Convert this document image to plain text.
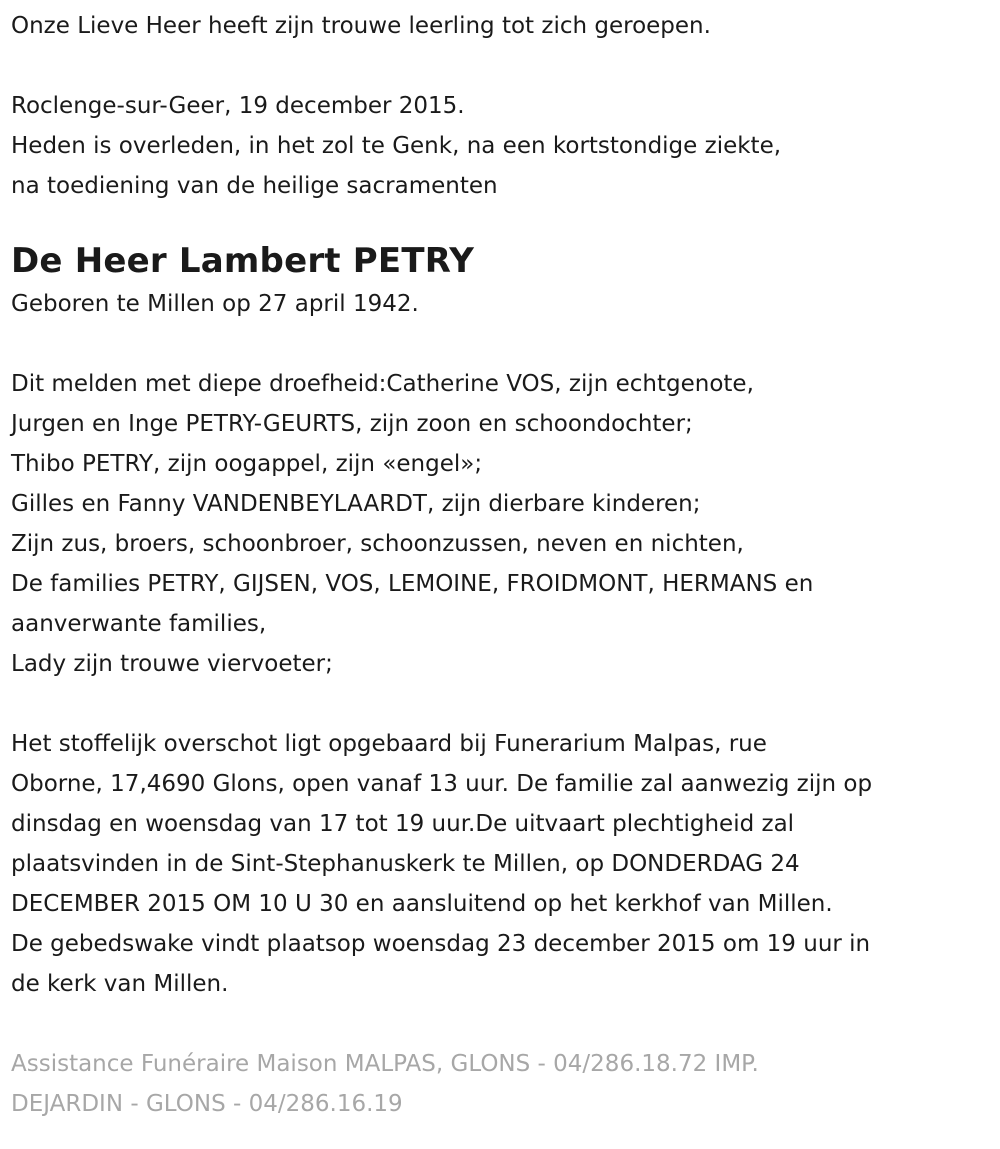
Onze Lieve Heer heeft zijn trouwe leerling tot zich geroepen.
Roclenge-sur-Geer, 19 december 2015.
Heden is overleden, in het zol te Genk, na een kortstondige ziekte,
na toediening van de heilige sacramenten
De Heer Lambert PETRY
Geboren te Millen op 27 april 1942.
Dit melden met diepe droefheid:Catherine VOS, zijn echtgenote,
Jurgen en Inge PETRY-GEURTS, zijn zoon en schoondochter;
Thibo PETRY, zijn oogappel, zijn «engel»;
Gilles en Fanny VANDENBEYLAARDT, zijn dierbare kinderen;
Zijn zus, broers, schoonbroer, schoonzussen, neven en nichten,
De families PETRY, GIJSEN, VOS, LEMOINE, FROIDMONT, HERMANS en
aanverwante families,
Lady zijn trouwe viervoeter;
Het stoffelijk overschot ligt opgebaard bij Funerarium Malpas, rue
Oborne, 17,4690 Glons, open vanaf 13 uur. De familie zal aanwezig zijn op
dinsdag en woensdag van 17 tot 19 uur.De uitvaart plechtigheid zal
plaatsvinden in de Sint-Stephanuskerk te Millen, op DONDERDAG 24
DECEMBER 2015 OM 10 U 30 en aansluitend op het kerkhof van Millen.
De gebedswake vindt plaatsop woensdag 23 december 2015 om 19 uur in
de kerk van Millen.
Assistance Funéraire Maison MALPAS, GLONS - 04/286.18.72 IMP.
DEJARDIN - GLONS - 04/286.16.19
